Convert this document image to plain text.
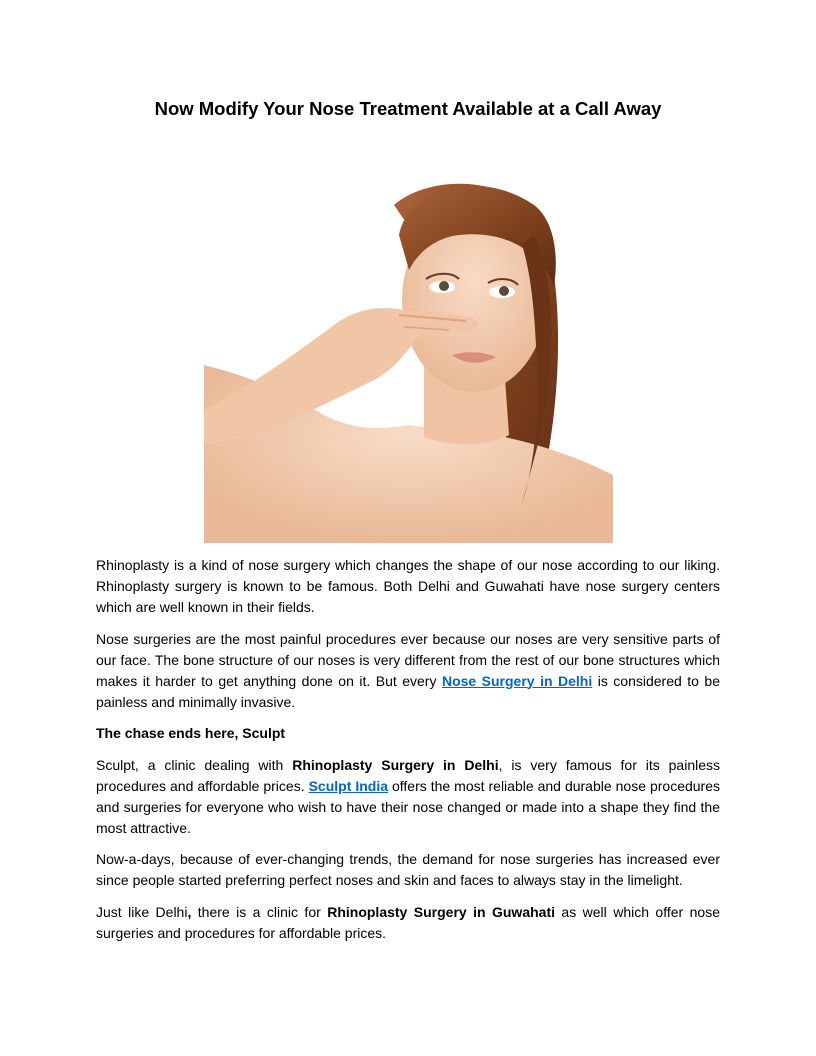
Now Modify Your Nose Treatment Available at a Call Away

Rhinoplasty is a kind of nose surgery which changes the shape of our nose according to our liking. Rhinoplasty surgery is known to be famous. Both Delhi and Guwahati have nose surgery centers which are well known in their fields.

Nose surgeries are the most painful procedures ever because our noses are very sensitive parts of our face. The bone structure of our noses is very different from the rest of our bone structures which makes it harder to get anything done on it. But every Nose Surgery in Delhi is considered to be painless and minimally invasive.

The chase ends here, Sculpt

Sculpt, a clinic dealing with Rhinoplasty Surgery in Delhi, is very famous for its painless procedures and affordable prices. Sculpt India offers the most reliable and durable nose procedures and surgeries for everyone who wish to have their nose changed or made into a shape they find the most attractive.

Now-a-days, because of ever-changing trends, the demand for nose surgeries has increased ever since people started preferring perfect noses and skin and faces to always stay in the limelight.

Just like Delhi, there is a clinic for Rhinoplasty Surgery in Guwahati as well which offer nose surgeries and procedures for affordable prices.
